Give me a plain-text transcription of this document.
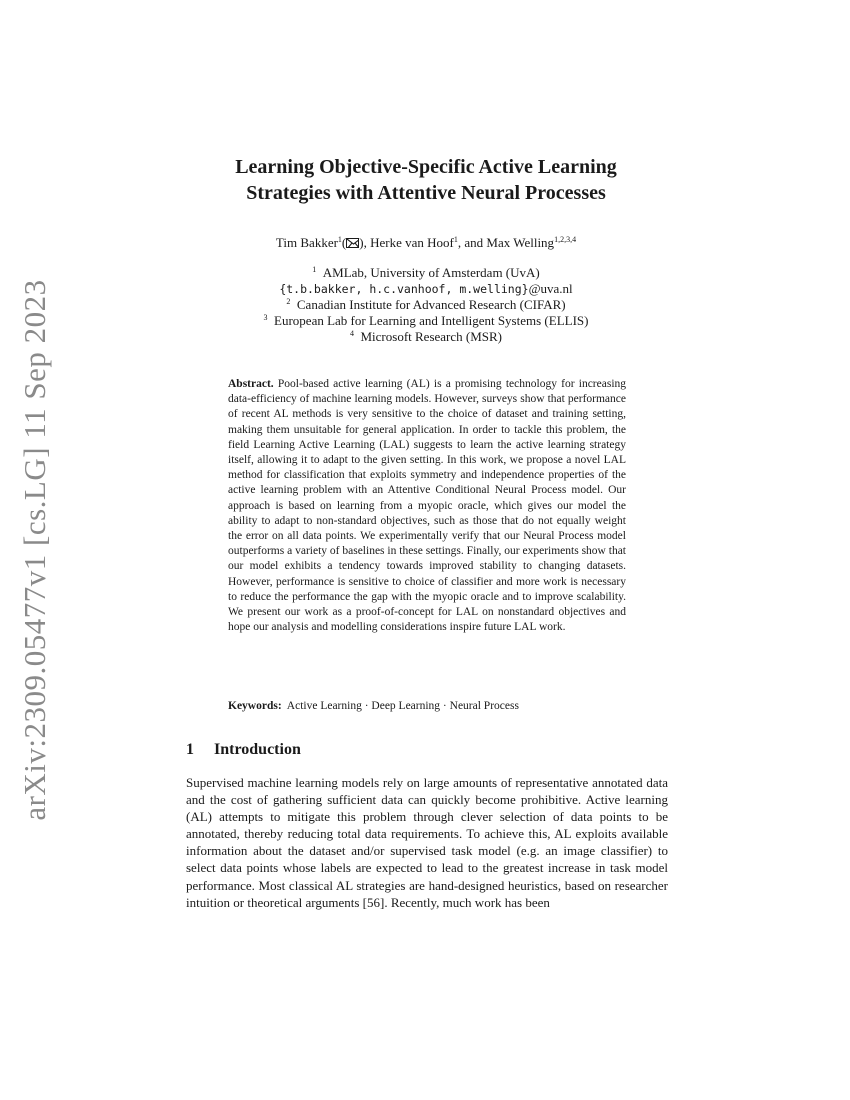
arXiv:2309.05477v1 [cs.LG] 11 Sep 2023
Learning Objective-Specific Active Learning
Strategies with Attentive Neural Processes
Tim Bakker$^1$( ), Herke van Hoof$^1$, and Max Welling$^{1,2,3,4}$
$^1$ AMLab, University of Amsterdam (UvA)
{t.b.bakker, h.c.vanhoof, m.welling}@uva.nl
$^2$ Canadian Institute for Advanced Research (CIFAR)
$^3$ European Lab for Learning and Intelligent Systems (ELLIS)
$^4$ Microsoft Research (MSR)
Abstract. Pool-based active learning (AL) is a promising technology for increasing data-efficiency of machine learning models. However, surveys show that performance of recent AL methods is very sensitive to the choice of dataset and training setting, making them unsuitable for general application. In order to tackle this problem, the field Learning Active Learning (LAL) suggests to learn the active learning strategy itself, allowing it to adapt to the given setting. In this work, we propose a novel LAL method for classification that exploits symmetry and independence properties of the active learning problem with an Attentive Conditional Neural Process model. Our approach is based on learning from a myopic oracle, which gives our model the ability to adapt to non-standard objectives, such as those that do not equally weight the error on all data points. We experimentally verify that our Neural Process model outperforms a variety of baselines in these settings. Finally, our experiments show that our model exhibits a tendency towards improved stability to changing datasets. However, performance is sensitive to choice of classifier and more work is necessary to reduce the performance the gap with the myopic oracle and to improve scalability. We present our work as a proof-of-concept for LAL on nonstandard objectives and hope our analysis and modelling considerations inspire future LAL work.
Keywords: Active Learning · Deep Learning · Neural Process
1 Introduction
Supervised machine learning models rely on large amounts of representative annotated data and the cost of gathering sufficient data can quickly become prohibitive. Active learning (AL) attempts to mitigate this problem through clever selection of data points to be annotated, thereby reducing total data requirements. To achieve this, AL exploits available information about the dataset and/or supervised task model (e.g. an image classifier) to select data points whose labels are expected to lead to the greatest increase in task model performance. Most classical AL strategies are hand-designed heuristics, based on researcher intuition or theoretical arguments [56]. Recently, much work has been
